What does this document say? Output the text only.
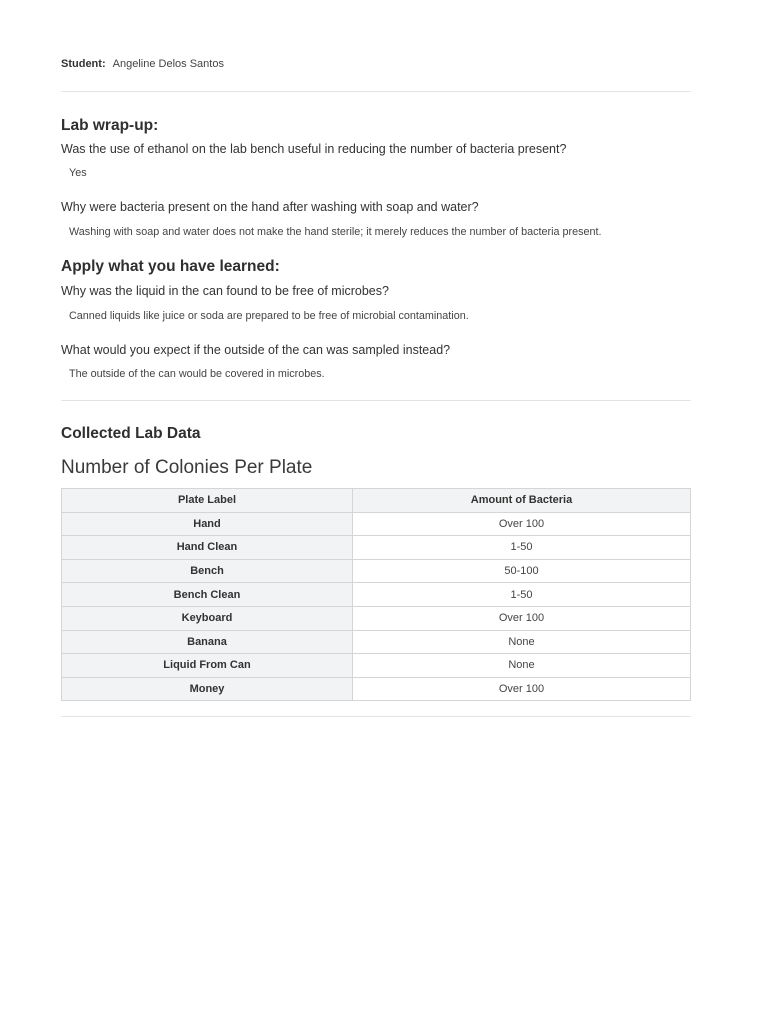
Student: Angeline Delos Santos
Lab wrap-up:
Was the use of ethanol on the lab bench useful in reducing the number of bacteria present?
Yes
Why were bacteria present on the hand after washing with soap and water?
Washing with soap and water does not make the hand sterile; it merely reduces the number of bacteria present.
Apply what you have learned:
Why was the liquid in the can found to be free of microbes?
Canned liquids like juice or soda are prepared to be free of microbial contamination.
What would you expect if the outside of the can was sampled instead?
The outside of the can would be covered in microbes.
Collected Lab Data
Number of Colonies Per Plate
Plate Label	Amount of Bacteria
Hand	Over 100
Hand Clean	1-50
Bench	50-100
Bench Clean	1-50
Keyboard	Over 100
Banana	None
Liquid From Can	None
Money	Over 100
